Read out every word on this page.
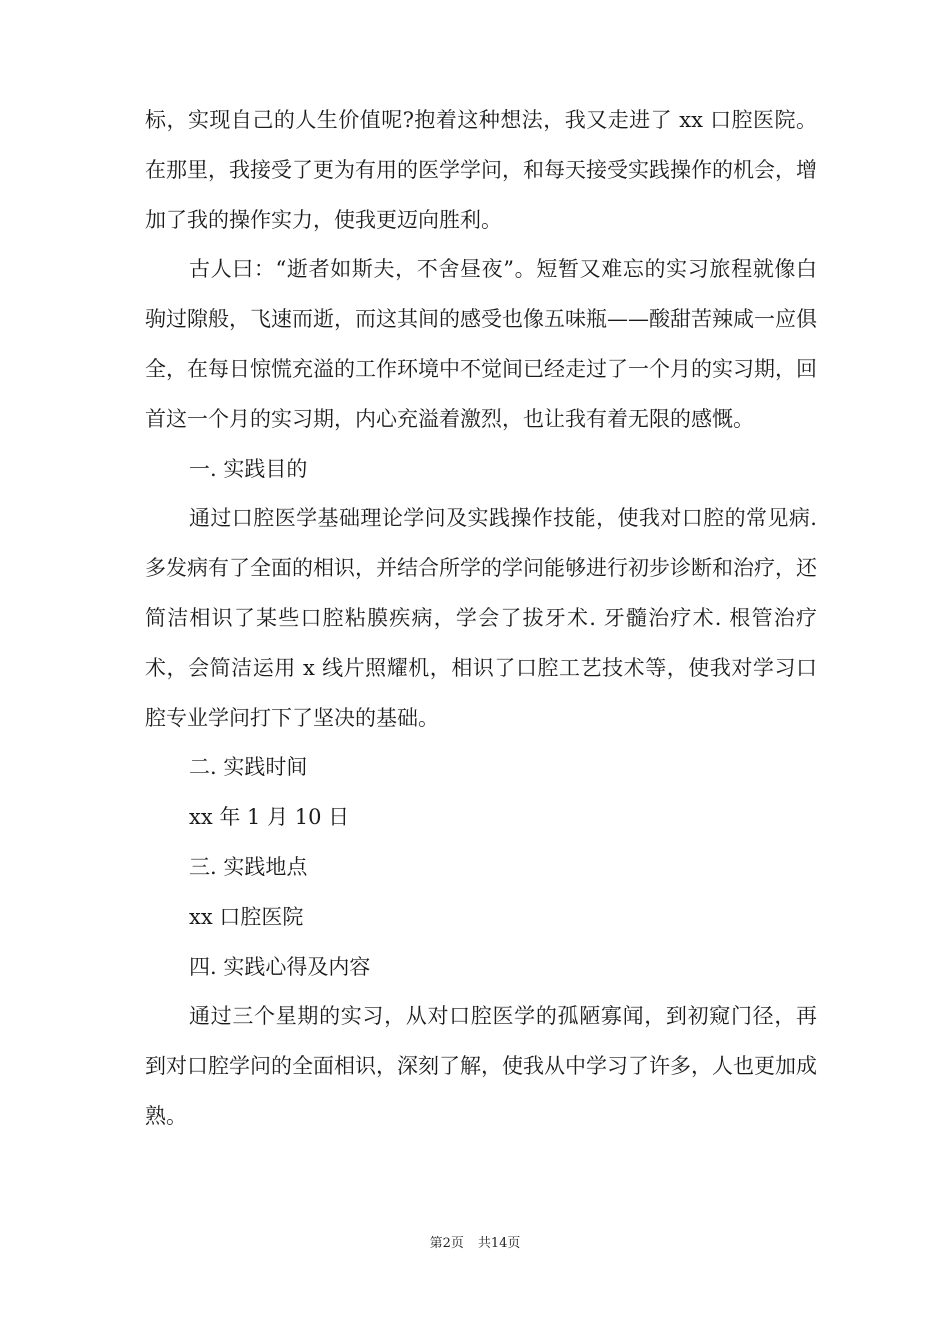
标，实现自己的人生价值呢?抱着这种想法，我又走进了 xx 口腔医院。在那里，我接受了更为有用的医学学问，和每天接受实践操作的机会，增加了我的操作实力，使我更迈向胜利。

古人曰：“逝者如斯夫，不舍昼夜”。短暂又难忘的实习旅程就像白驹过隙般，飞速而逝，而这其间的感受也像五味瓶——酸甜苦辣咸一应俱全，在每日惊慌充溢的工作环境中不觉间已经走过了一个月的实习期，回首这一个月的实习期，内心充溢着激烈，也让我有着无限的感慨。

一. 实践目的

通过口腔医学基础理论学问及实践操作技能，使我对口腔的常见病. 多发病有了全面的相识，并结合所学的学问能够进行初步诊断和治疗，还简洁相识了某些口腔粘膜疾病，学会了拔牙术. 牙髓治疗术. 根管治疗术，会简洁运用 x 线片照耀机，相识了口腔工艺技术等，使我对学习口腔专业学问打下了坚决的基础。

二. 实践时间

xx 年 1 月 10 日

三. 实践地点

xx 口腔医院

四. 实践心得及内容

通过三个星期的实习，从对口腔医学的孤陋寡闻，到初窥门径，再到对口腔学问的全面相识，深刻了解，使我从中学习了许多，人也更加成熟。

第2页 共14页
